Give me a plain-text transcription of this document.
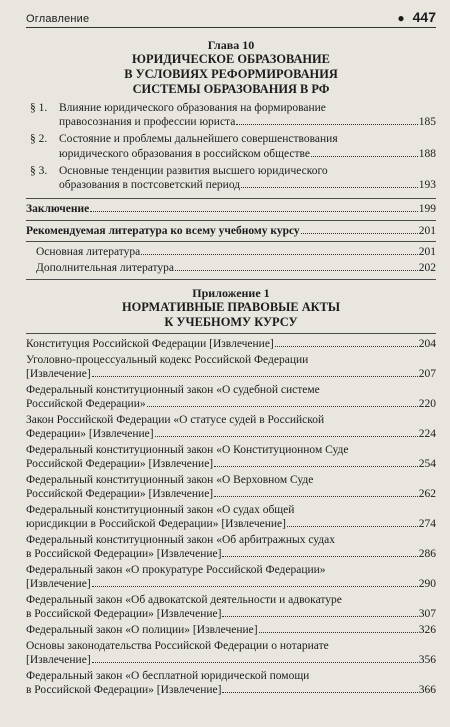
Оглавление	● 447
Глава 10
ЮРИДИЧЕСКОЕ ОБРАЗОВАНИЕ
В УСЛОВИЯХ РЕФОРМИРОВАНИЯ
СИСТЕМЫ ОБРАЗОВАНИЯ В РФ
§ 1.	Влияние юридического образования на формирование
правосознания и профессии юриста	185
§ 2.	Состояние и проблемы дальнейшего совершенствования
юридического образования в российском обществе	188
§ 3.	Основные тенденции развития высшего юридического
образования в постсоветский период	193
Заключение	199
Рекомендуемая литература ко всему учебному курсу	201
Основная литература	201
Дополнительная литература	202
Приложение 1
НОРМАТИВНЫЕ ПРАВОВЫЕ АКТЫ
К УЧЕБНОМУ КУРСУ
Конституция Российской Федерации [Извлечение]	204
Уголовно-процессуальный кодекс Российской Федерации
[Извлечение]	207
Федеральный конституционный закон «О судебной системе
Российской Федерации»	220
Закон Российской Федерации «О статусе судей в Российской
Федерации» [Извлечение]	224
Федеральный конституционный закон «О Конституционном Суде
Российской Федерации» [Извлечение]	254
Федеральный конституционный закон «О Верховном Суде
Российской Федерации» [Извлечение]	262
Федеральный конституционный закон «О судах общей
юрисдикции в Российской Федерации» [Извлечение]	274
Федеральный конституционный закон «Об арбитражных судах
в Российской Федерации» [Извлечение]	286
Федеральный закон «О прокуратуре Российской Федерации»
[Извлечение]	290
Федеральный закон «Об адвокатской деятельности и адвокатуре
в Российской Федерации» [Извлечение]	307
Федеральный закон «О полиции» [Извлечение]	326
Основы законодательства Российской Федерации о нотариате
[Извлечение]	356
Федеральный закон «О бесплатной юридической помощи
в Российской Федерации» [Извлечение]	366
